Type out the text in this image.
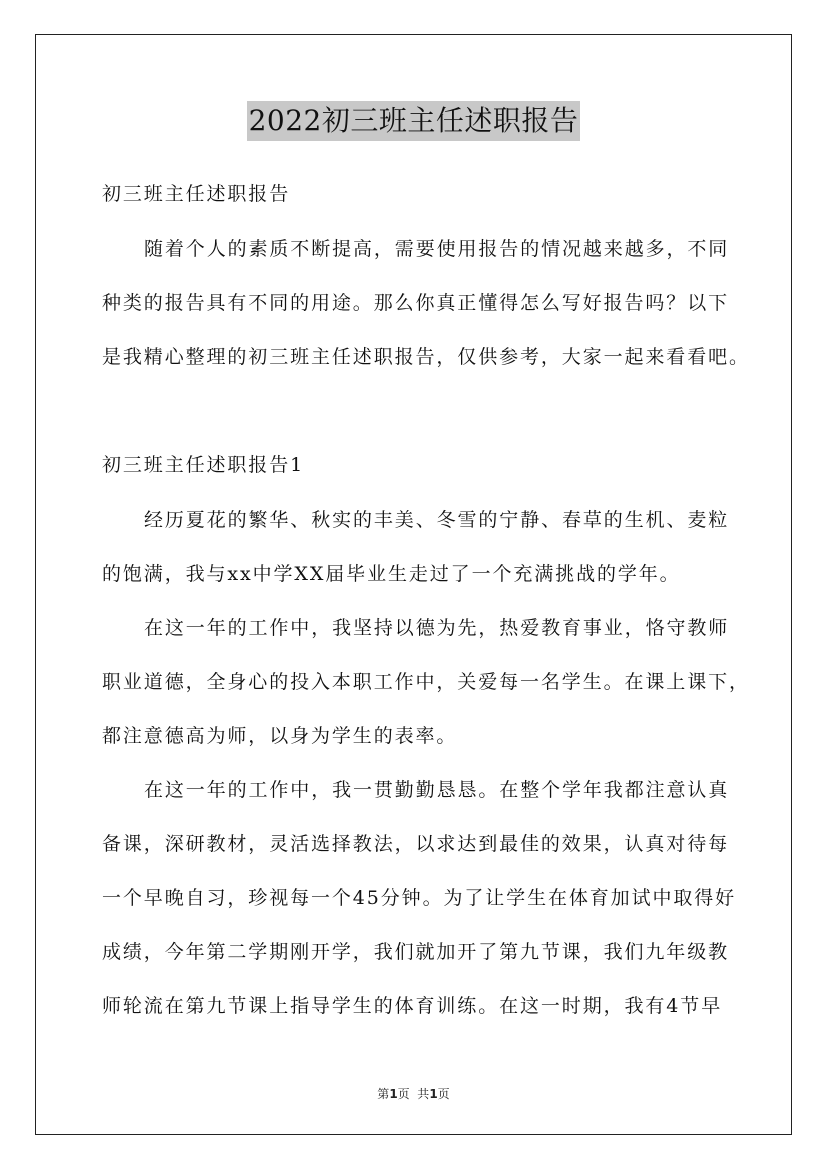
2022初三班主任述职报告
初三班主任述职报告
随着个人的素质不断提高，需要使用报告的情况越来越多，不同
种类的报告具有不同的用途。那么你真正懂得怎么写好报告吗？以下
是我精心整理的初三班主任述职报告，仅供参考，大家一起来看看吧。
初三班主任述职报告1
经历夏花的繁华、秋实的丰美、冬雪的宁静、春草的生机、麦粒
的饱满，我与xx中学XX届毕业生走过了一个充满挑战的学年。
在这一年的工作中，我坚持以德为先，热爱教育事业，恪守教师
职业道德，全身心的投入本职工作中，关爱每一名学生。在课上课下，
都注意德高为师，以身为学生的表率。
在这一年的工作中，我一贯勤勤恳恳。在整个学年我都注意认真
备课，深研教材，灵活选择教法，以求达到最佳的效果，认真对待每
一个早晚自习，珍视每一个45分钟。为了让学生在体育加试中取得好
成绩，今年第二学期刚开学，我们就加开了第九节课，我们九年级教
师轮流在第九节课上指导学生的体育训练。在这一时期，我有4节早
第1页  共1页
